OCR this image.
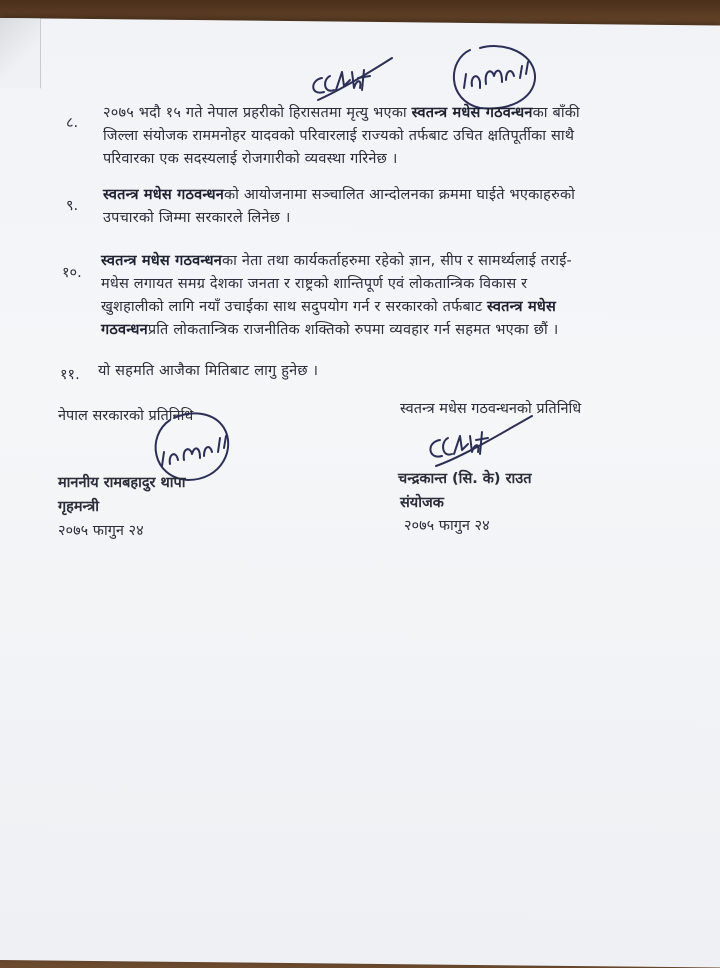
८.
२०७५ भदौ १५ गते नेपाल प्रहरीको हिरासतमा मृत्यु भएका स्वतन्त्र मधेस गठवन्धनका बाँकी
जिल्ला संयोजक राममनोहर यादवको परिवारलाई राज्यको तर्फबाट उचित क्षतिपूर्तीका साथै
परिवारका एक सदस्यलाई रोजगारीको व्यवस्था गरिनेछ ।
९.
स्वतन्त्र मधेस गठवन्धनको आयोजनामा सञ्चालित आन्दोलनका क्रममा घाईते भएकाहरुको
उपचारको जिम्मा सरकारले लिनेछ ।
१०.
स्वतन्त्र मधेस गठवन्धनका नेता तथा कार्यकर्ताहरुमा रहेको ज्ञान, सीप र सामर्थ्यलाई तराई-
मधेस लगायत समग्र देशका जनता र राष्ट्रको शान्तिपूर्ण एवं लोकतान्त्रिक विकास र
खुशहालीको लागि नयाँ उचाईका साथ सदुपयोग गर्न र सरकारको तर्फबाट स्वतन्त्र मधेस
गठवन्धनप्रति लोकतान्त्रिक राजनीतिक शक्तिको रुपमा व्यवहार गर्न सहमत भएका छौं ।
११. यो सहमति आजैका मितिबाट लागु हुनेछ ।
नेपाल सरकारको प्रतिनिधि
माननीय रामबहादुर थापा
गृहमन्त्री
२०७५ फागुन २४
स्वतन्त्र मधेस गठवन्धनको प्रतिनिधि
चन्द्रकान्त (सि. के) राउत
संयोजक
२०७५ फागुन २४
